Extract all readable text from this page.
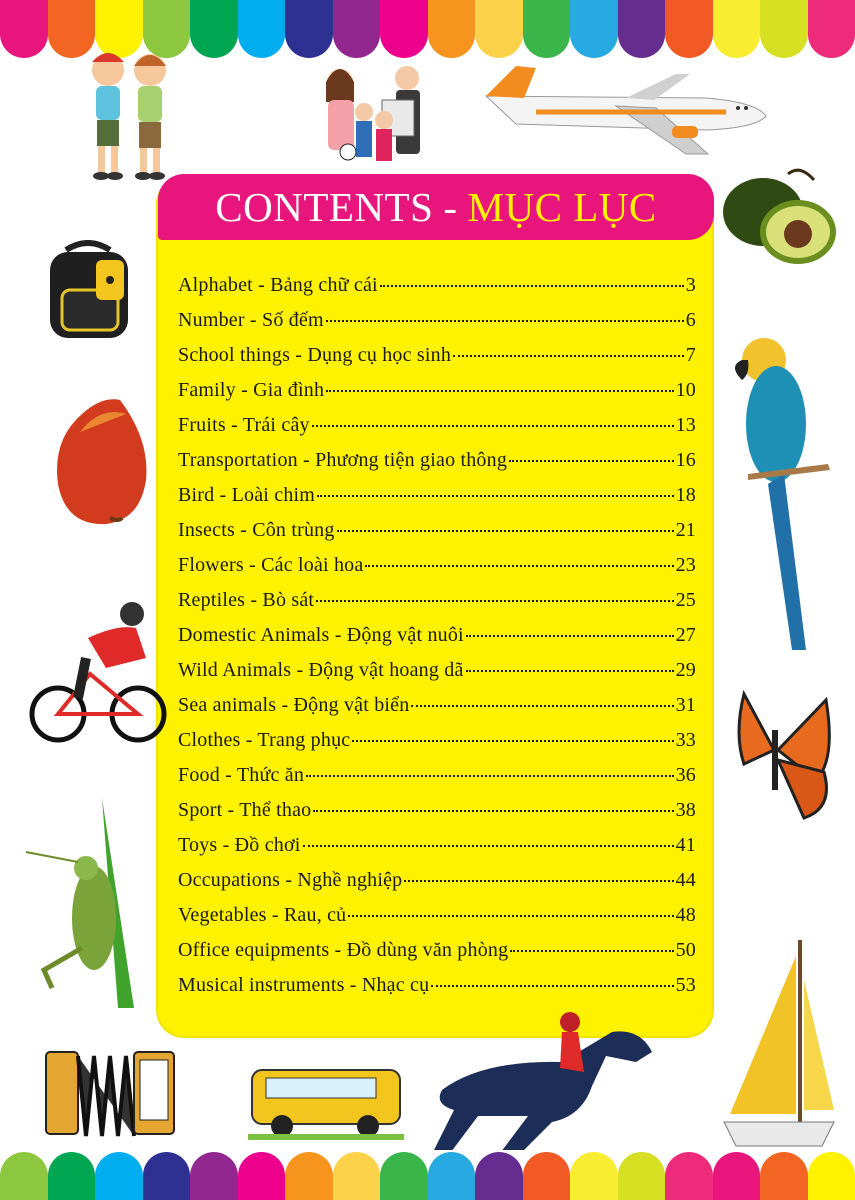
CONTENTS - MỤC LỤC
Alphabet - Bảng chữ cái	3
Number - Số đếm	6
School things - Dụng cụ học sinh	7
Family - Gia đình	10
Fruits - Trái cây	13
Transportation - Phương tiện giao thông	16
Bird - Loài chim	18
Insects - Côn trùng	21
Flowers - Các loài hoa	23
Reptiles - Bò sát	25
Domestic Animals - Động vật nuôi	27
Wild Animals - Động vật hoang dã	29
Sea animals - Động vật biển	31
Clothes - Trang phục	33
Food - Thức ăn	36
Sport - Thể thao	38
Toys - Đồ chơi	41
Occupations - Nghề nghiệp	44
Vegetables - Rau, củ	48
Office equipments - Đồ dùng văn phòng	50
Musical instruments - Nhạc cụ	53
